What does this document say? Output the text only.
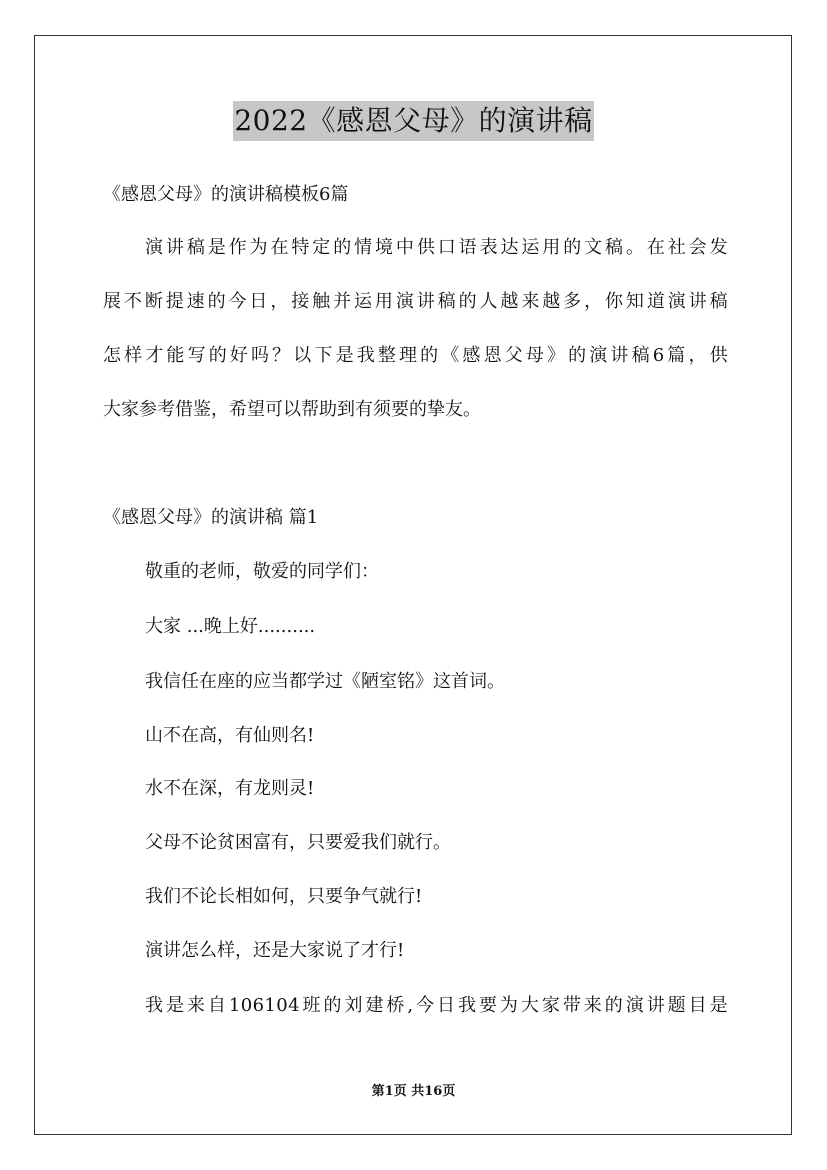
2022《感恩父母》的演讲稿
《感恩父母》的演讲稿模板6篇
演讲稿是作为在特定的情境中供口语表达运用的文稿。在社会发
展不断提速的今日，接触并运用演讲稿的人越来越多，你知道演讲稿
怎样才能写的好吗？以下是我整理的《感恩父母》的演讲稿6篇，供
大家参考借鉴，希望可以帮助到有须要的挚友。
《感恩父母》的演讲稿 篇1
敬重的老师，敬爱的同学们：
大家 ...晚上好..........
我信任在座的应当都学过《陋室铭》这首词。
山不在高，有仙则名!
水不在深，有龙则灵!
父母不论贫困富有，只要爱我们就行。
我们不论长相如何，只要争气就行!
演讲怎么样，还是大家说了才行!
我是来自106104班的刘建桥,今日我要为大家带来的演讲题目是
第1页 共16页
